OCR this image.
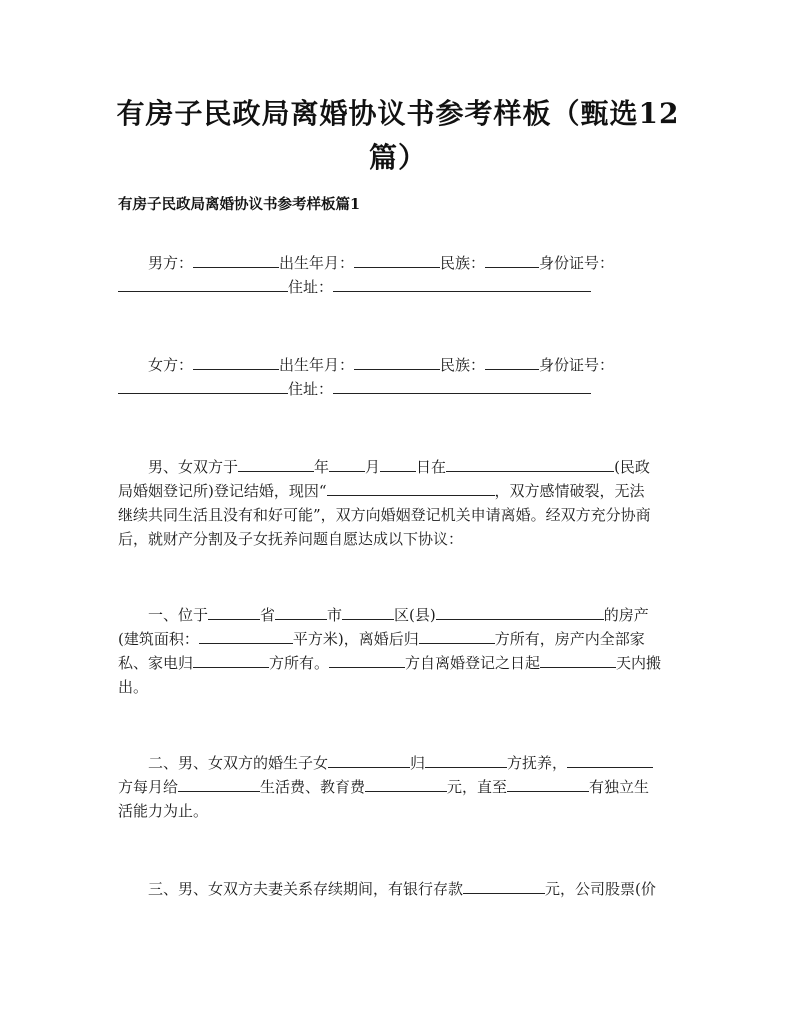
有房子民政局离婚协议书参考样板（甄选12
篇）
有房子民政局离婚协议书参考样板篇1
男方：	出生年月：	民族：	身份证号：
住址：
女方：	出生年月：	民族：	身份证号：
住址：
男、女双方于	年 月 日在	(民政
局婚姻登记所)登记结婚，现因“	，双方感情破裂，无法
继续共同生活且没有和好可能”，双方向婚姻登记机关申请离婚。经双方充分协商
后，就财产分割及子女抚养问题自愿达成以下协议：
一、位于	省	市	区(县)	的房产
(建筑面积：	平方米)，离婚后归	方所有，房产内全部家
私、家电归	方所有。	方自离婚登记之日起	天内搬
出。
二、男、女双方的婚生子女	归	方抚养，
方每月给	生活费、教育费	元，直至	有独立生
活能力为止。
三、男、女双方夫妻关系存续期间，有银行存款	元，公司股票(价
